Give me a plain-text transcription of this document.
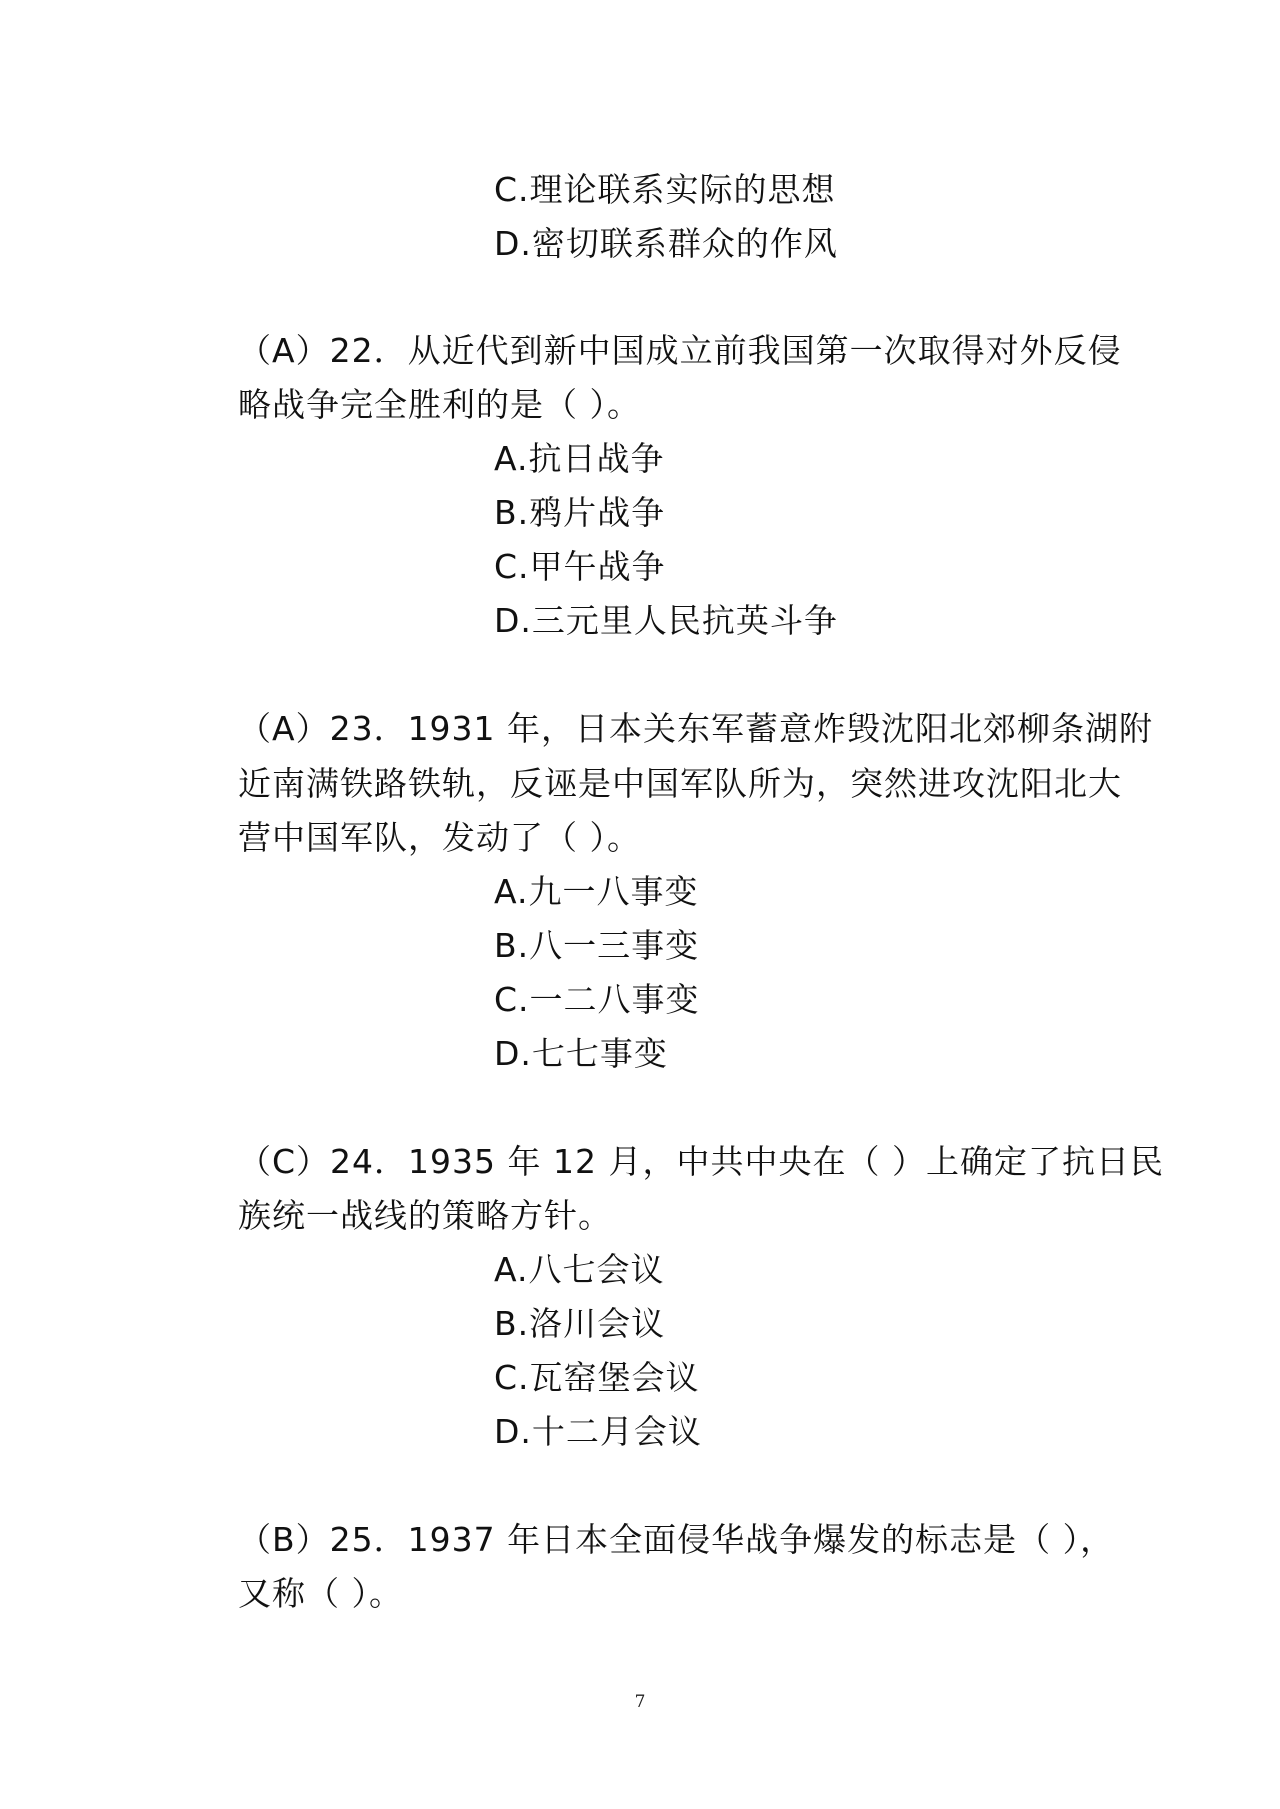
C.理论联系实际的思想
D.密切联系群众的作风
（A）22．从近代到新中国成立前我国第一次取得对外反侵
略战争完全胜利的是（ ）。
A.抗日战争
B.鸦片战争
C.甲午战争
D.三元里人民抗英斗争
（A）23．1931 年，日本关东军蓄意炸毁沈阳北郊柳条湖附
近南满铁路铁轨，反诬是中国军队所为，突然进攻沈阳北大
营中国军队，发动了（ ）。
A.九一八事变
B.八一三事变
C.一二八事变
D.七七事变
（C）24．1935 年 12 月，中共中央在（ ）上确定了抗日民
族统一战线的策略方针。
A.八七会议
B.洛川会议
C.瓦窑堡会议
D.十二月会议
（B）25．1937 年日本全面侵华战争爆发的标志是（ ），
又称（ ）。
7
